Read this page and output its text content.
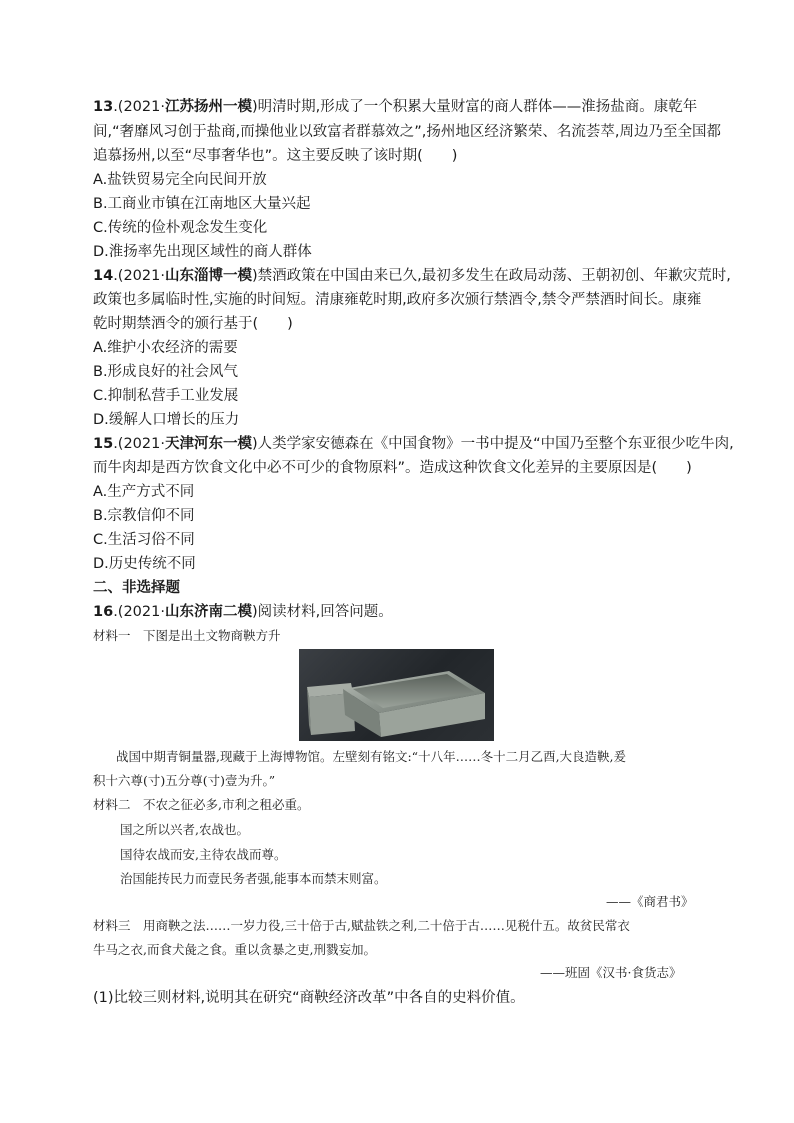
13.(2021·江苏扬州一模)明清时期,形成了一个积累大量财富的商人群体——淮扬盐商。康乾年
间,“奢靡风习创于盐商,而操他业以致富者群慕效之”,扬州地区经济繁荣、名流荟萃,周边乃至全国都
追慕扬州,以至“尽事奢华也”。这主要反映了该时期(　　)
A.盐铁贸易完全向民间开放
B.工商业市镇在江南地区大量兴起
C.传统的俭朴观念发生变化
D.淮扬率先出现区域性的商人群体
14.(2021·山东淄博一模)禁酒政策在中国由来已久,最初多发生在政局动荡、王朝初创、年歉灾荒时,
政策也多属临时性,实施的时间短。清康雍乾时期,政府多次颁行禁酒令,禁令严禁酒时间长。康雍
乾时期禁酒令的颁行基于(　　)
A.维护小农经济的需要
B.形成良好的社会风气
C.抑制私营手工业发展
D.缓解人口增长的压力
15.(2021·天津河东一模)人类学家安德森在《中国食物》一书中提及“中国乃至整个东亚很少吃牛肉,
而牛肉却是西方饮食文化中必不可少的食物原料”。造成这种饮食文化差异的主要原因是(　　)
A.生产方式不同
B.宗教信仰不同
C.生活习俗不同
D.历史传统不同
二、非选择题
16.(2021·山东济南二模)阅读材料,回答问题。
材料一　下图是出土文物商鞅方升
战国中期青铜量器,现藏于上海博物馆。左壁刻有铭文:“十八年……冬十二月乙酉,大良造鞅,爰
积十六尊(寸)五分尊(寸)壹为升。”
材料二　不农之征必多,市利之租必重。
国之所以兴者,农战也。
国待农战而安,主待农战而尊。
治国能抟民力而壹民务者强,能事本而禁末则富。
——《商君书》
材料三　用商鞅之法……一岁力役,三十倍于古,赋盐铁之利,二十倍于古……见税什五。故贫民常衣
牛马之衣,而食犬彘之食。重以贪暴之吏,刑戮妄加。
——班固《汉书·食货志》
(1)比较三则材料,说明其在研究“商鞅经济改革”中各自的史料价值。
